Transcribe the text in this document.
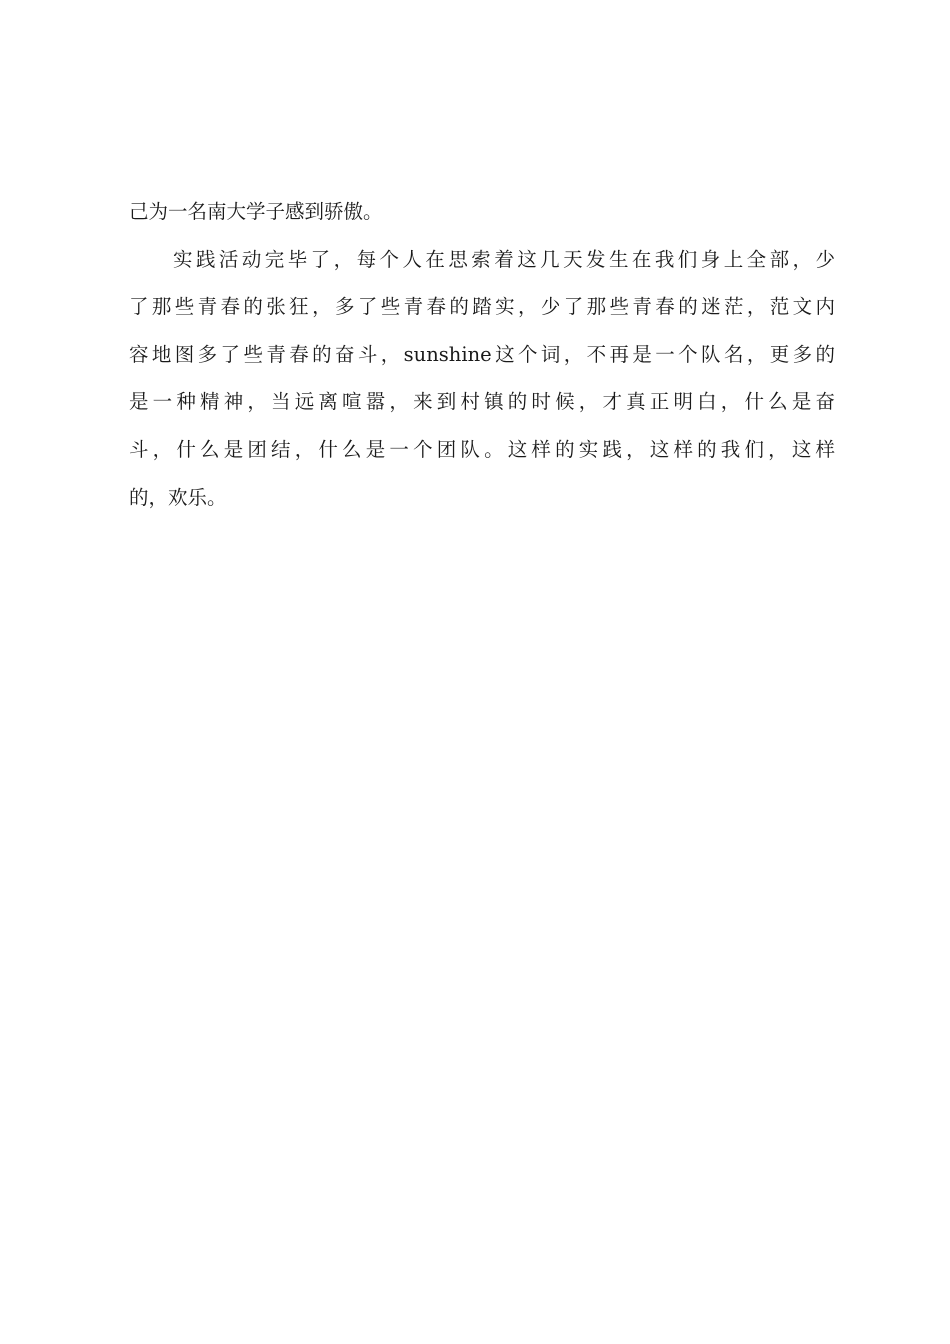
己为一名南大学子感到骄傲。
实践活动完毕了，每个人在思索着这几天发生在我们身上全部，少
了那些青春的张狂，多了些青春的踏实，少了那些青春的迷茫，范文内
容地图多了些青春的奋斗，sunshine这个词，不再是一个队名，更多的
是一种精神，当远离喧嚣，来到村镇的时候，才真正明白，什么是奋
斗，什么是团结，什么是一个团队。这样的实践，这样的我们，这样
的，欢乐。
